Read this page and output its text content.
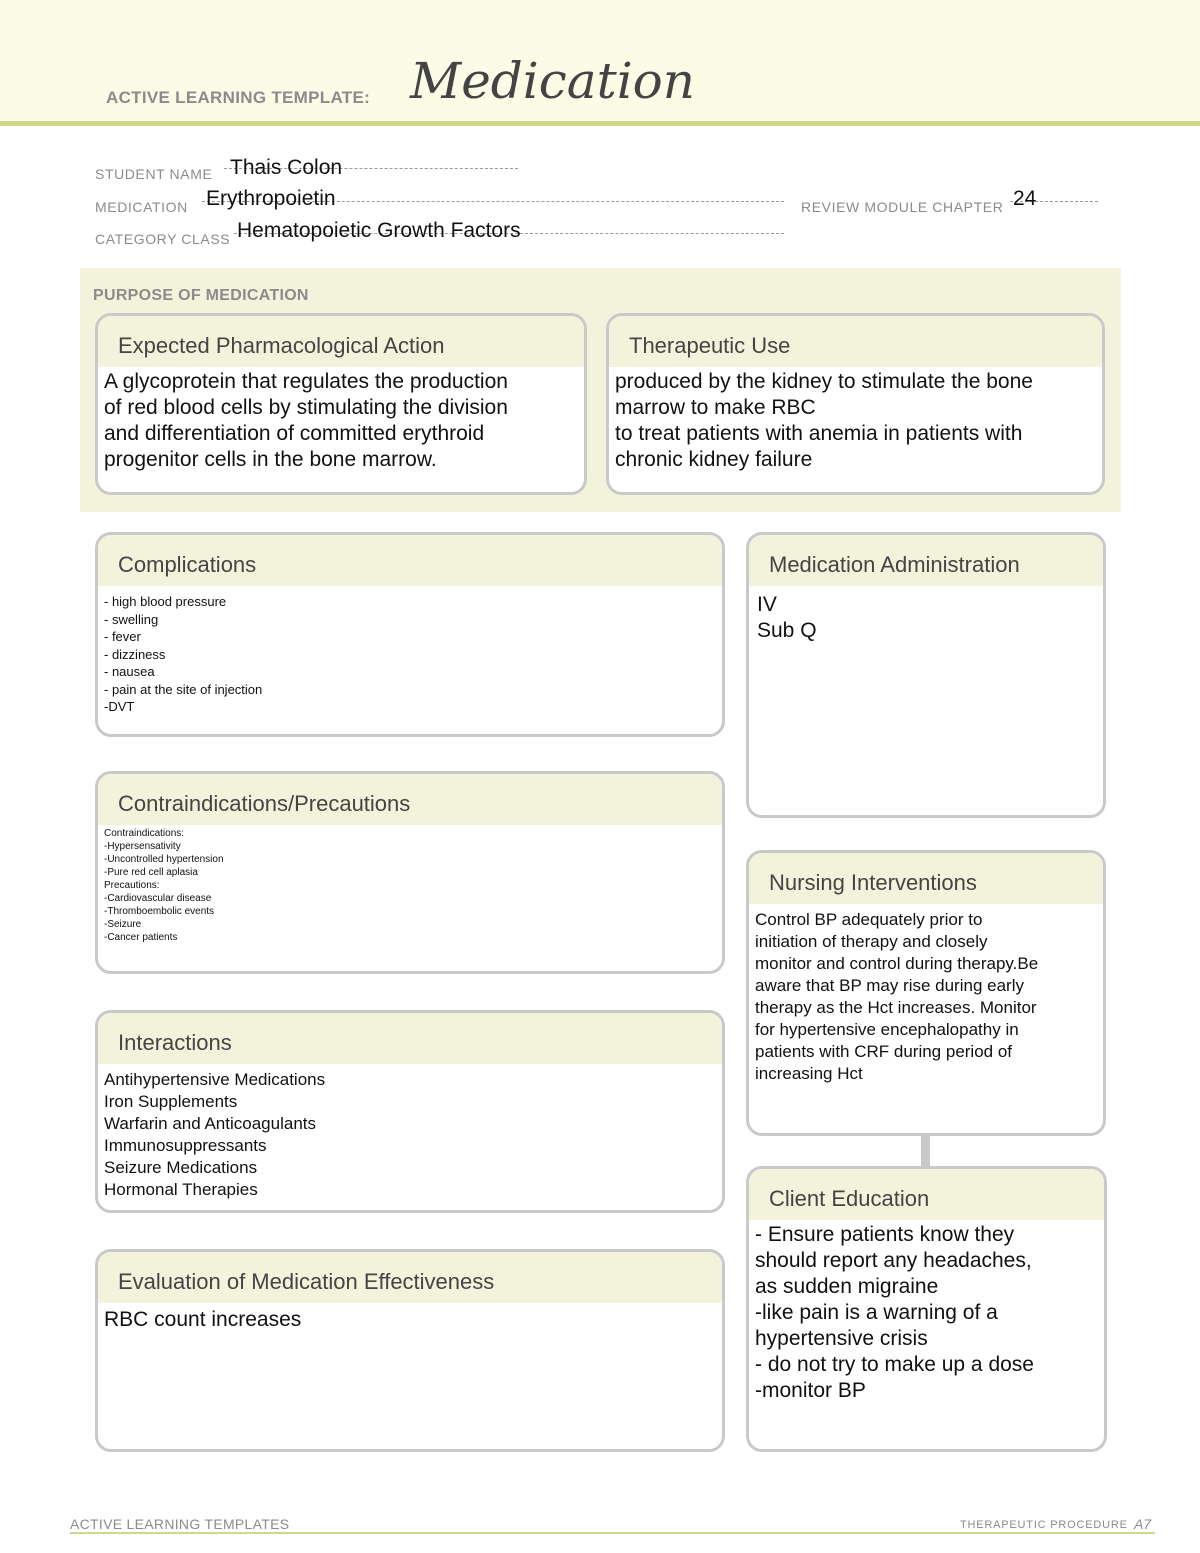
ACTIVE LEARNING TEMPLATE: Medication
STUDENT NAME Thais Colon
MEDICATION Erythropoietin	REVIEW MODULE CHAPTER 24
CATEGORY CLASS Hematopoietic Growth Factors
PURPOSE OF MEDICATION
Expected Pharmacological Action
A glycoprotein that regulates the production
of red blood cells by stimulating the division
and differentiation of committed erythroid
progenitor cells in the bone marrow.
Therapeutic Use
produced by the kidney to stimulate the bone
marrow to make RBC
to treat patients with anemia in patients with
chronic kidney failure
Complications
- high blood pressure
- swelling
- fever
- dizziness
- nausea
- pain at the site of injection
-DVT
Medication Administration
IV
Sub Q
Contraindications/Precautions
Contraindications:
-Hypersensativity
-Uncontrolled hypertension
-Pure red cell aplasia
Precautions:
-Cardiovascular disease
-Thromboembolic events
-Seizure
-Cancer patients
Nursing Interventions
Control BP adequately prior to
initiation of therapy and closely
monitor and control during therapy.Be
aware that BP may rise during early
therapy as the Hct increases. Monitor
for hypertensive encephalopathy in
patients with CRF during period of
increasing Hct
Interactions
Antihypertensive Medications
Iron Supplements
Warfarin and Anticoagulants
Immunosuppressants
Seizure Medications
Hormonal Therapies	Client Education
- Ensure patients know they
should report any headaches,
as sudden migraine
-like pain is a warning of a
hypertensive crisis
- do not try to make up a dose
-monitor BP
Evaluation of Medication Effectiveness
RBC count increases
ACTIVE LEARNING TEMPLATES	THERAPEUTIC PROCEDURE A7
